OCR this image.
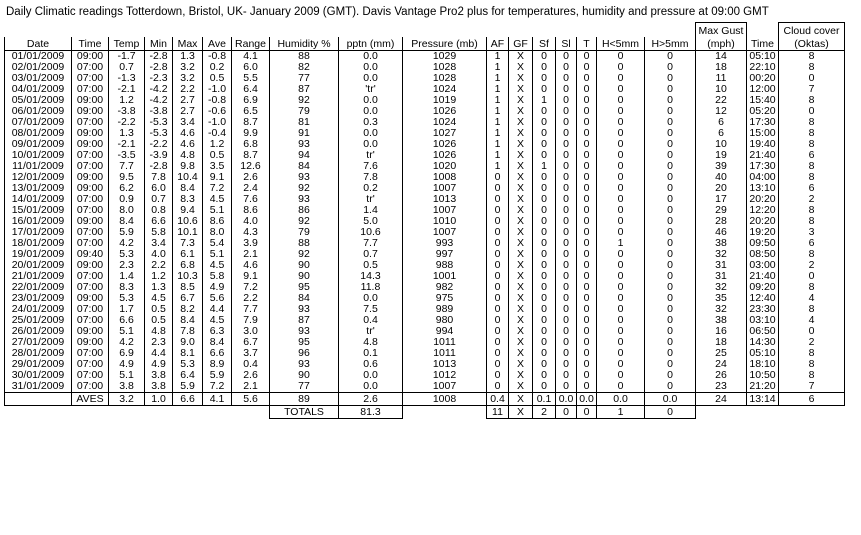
Daily Climatic readings Totterdown, Bristol, UK- January 2009 (GMT). Davis Vantage Pro2 plus for temperatures, humidity and pressure at 09:00 GMT
																	Max Gust		Cloud cover
Date	Time	Temp	Min	Max	Ave	Range	Humidity %	pptn (mm)	Pressure (mb)	AF	GF	Sf	Sl	T	H<5mm	H>5mm	(mph)	Time	(Oktas)
01/01/2009	09:00	-1.7	-2.8	1.3	-0.8	4.1	88	0.0	1029	1	X	0	0	0	0	0	14	05:10	8
02/01/2009	07:00	0.7	-2.8	3.2	0.2	6.0	82	0.0	1028	1	X	0	0	0	0	0	18	22:10	8
03/01/2009	07:00	-1.3	-2.3	3.2	0.5	5.5	77	0.0	1028	1	X	0	0	0	0	0	11	00:20	0
04/01/2009	07:00	-2.1	-4.2	2.2	-1.0	6.4	87	'tr'	1024	1	X	0	0	0	0	0	10	12:00	7
05/01/2009	09:00	1.2	-4.2	2.7	-0.8	6.9	92	0.0	1019	1	X	1	0	0	0	0	22	15:40	8
06/01/2009	09:00	-3.8	-3.8	2.7	-0.6	6.5	79	0.0	1026	1	X	0	0	0	0	0	12	05:20	0
07/01/2009	07:00	-2.2	-5.3	3.4	-1.0	8.7	81	0.3	1024	1	X	0	0	0	0	0	6	17:30	8
08/01/2009	09:00	1.3	-5.3	4.6	-0.4	9.9	91	0.0	1027	1	X	0	0	0	0	0	6	15:00	8
09/01/2009	09:00	-2.1	-2.2	4.6	1.2	6.8	93	0.0	1026	1	X	0	0	0	0	0	10	19:40	8
10/01/2009	07:00	-3.5	-3.9	4.8	0.5	8.7	94	tr'	1026	1	X	0	0	0	0	0	19	21:40	6
11/01/2009	07:00	7.7	-2.8	9.8	3.5	12.6	84	7.6	1020	1	X	1	0	0	0	0	39	17:30	8
12/01/2009	09:00	9.5	7.8	10.4	9.1	2.6	93	7.8	1008	0	X	0	0	0	0	0	40	04:00	8
13/01/2009	09:00	6.2	6.0	8.4	7.2	2.4	92	0.2	1007	0	X	0	0	0	0	0	20	13:10	6
14/01/2009	07:00	0.9	0.7	8.3	4.5	7.6	93	tr'	1013	0	X	0	0	0	0	0	17	20:20	2
15/01/2009	07:00	8.0	0.8	9.4	5.1	8.6	86	1.4	1007	0	X	0	0	0	0	0	29	12:20	8
16/01/2009	09:00	8.4	6.6	10.6	8.6	4.0	92	5.0	1010	0	X	0	0	0	0	0	28	20:20	8
17/01/2009	07:00	5.9	5.8	10.1	8.0	4.3	79	10.6	1007	0	X	0	0	0	0	0	46	19:20	3
18/01/2009	07:00	4.2	3.4	7.3	5.4	3.9	88	7.7	993	0	X	0	0	0	1	0	38	09:50	6
19/01/2009	09:40	5.3	4.0	6.1	5.1	2.1	92	0.7	997	0	X	0	0	0	0	0	32	08:50	8
20/01/2009	09:00	2.3	2.2	6.8	4.5	4.6	90	0.5	988	0	X	0	0	0	0	0	31	03:00	2
21/01/2009	07:00	1.4	1.2	10.3	5.8	9.1	90	14.3	1001	0	X	0	0	0	0	0	31	21:40	0
22/01/2009	07:00	8.3	1.3	8.5	4.9	7.2	95	11.8	982	0	X	0	0	0	0	0	32	09:20	8
23/01/2009	09:00	5.3	4.5	6.7	5.6	2.2	84	0.0	975	0	X	0	0	0	0	0	35	12:40	4
24/01/2009	07:00	1.7	0.5	8.2	4.4	7.7	93	7.5	989	0	X	0	0	0	0	0	32	23:30	8
25/01/2009	07:00	6.6	0.5	8.4	4.5	7.9	87	0.4	980	0	X	0	0	0	0	0	38	03:10	4
26/01/2009	09:00	5.1	4.8	7.8	6.3	3.0	93	tr'	994	0	X	0	0	0	0	0	16	06:50	0
27/01/2009	09:00	4.2	2.3	9.0	8.4	6.7	95	4.8	1011	0	X	0	0	0	0	0	18	14:30	2
28/01/2009	07:00	6.9	4.4	8.1	6.6	3.7	96	0.1	1011	0	X	0	0	0	0	0	25	05:10	8
29/01/2009	07:00	4.9	4.9	5.3	8.9	0.4	93	0.6	1013	0	X	0	0	0	0	0	24	18:10	8
30/01/2009	07:00	5.1	3.8	6.4	5.9	2.6	90	0.0	1012	0	X	0	0	0	0	0	26	10:50	8
31/01/2009	07:00	3.8	3.8	5.9	7.2	2.1	77	0.0	1007	0	X	0	0	0	0	0	23	21:20	7
	AVES	3.2	1.0	6.6	4.1	5.6	89	2.6	1008	0.4	X	0.1	0.0	0.0	0.0	0.0	24	13:14	6
							TOTALS	81.3		11	X	2	0	0	1	0			
